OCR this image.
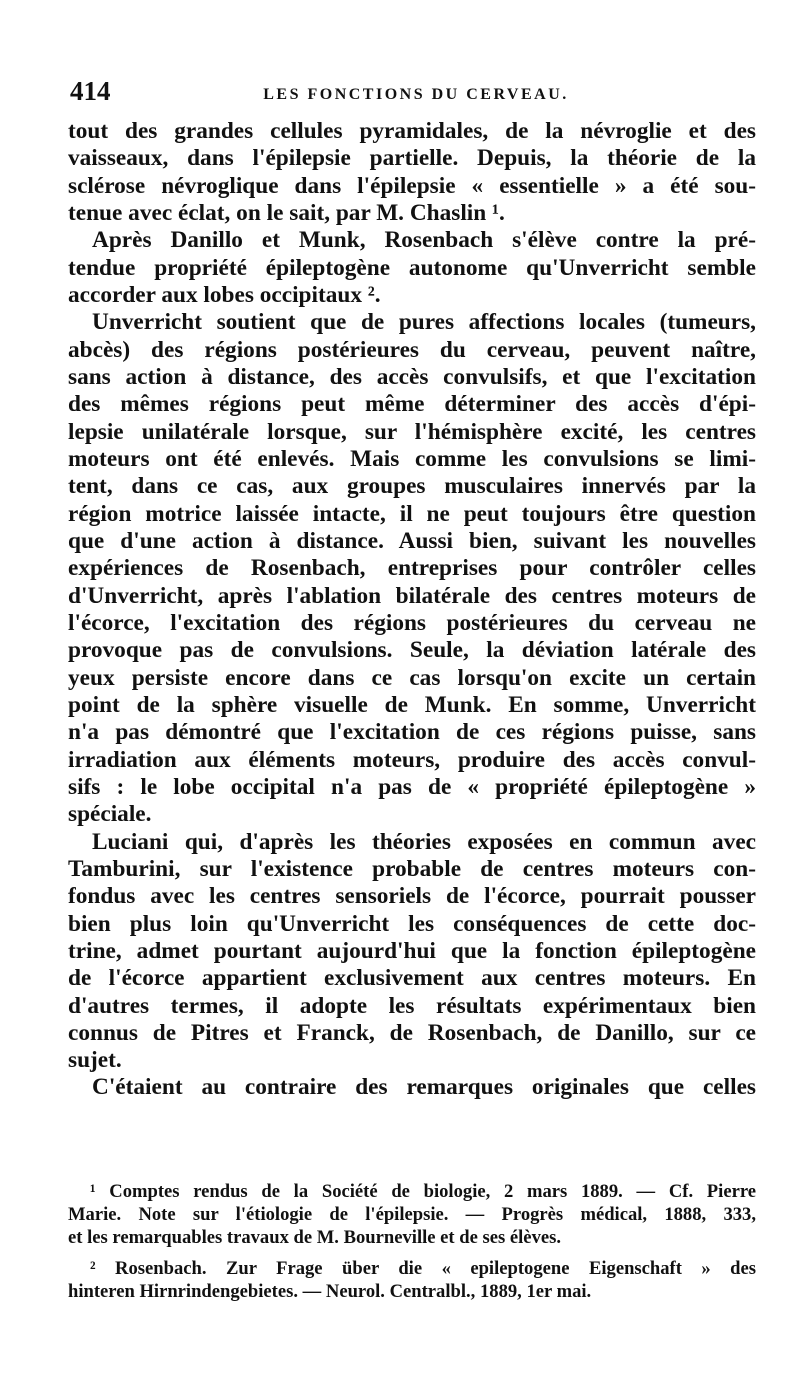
414	LES FONCTIONS DU CERVEAU.
tout des grandes cellules pyramidales, de la névroglie et des
vaisseaux, dans l'épilepsie partielle. Depuis, la théorie de la
sclérose névroglique dans l'épilepsie « essentielle » a été sou-
tenue avec éclat, on le sait, par M. Chaslin ¹.
Après Danillo et Munk, Rosenbach s'élève contre la pré-
tendue propriété épileptogène autonome qu'Unverricht semble
accorder aux lobes occipitaux ².
Unverricht soutient que de pures affections locales (tumeurs,
abcès) des régions postérieures du cerveau, peuvent naître,
sans action à distance, des accès convulsifs, et que l'excitation
des mêmes régions peut même déterminer des accès d'épi-
lepsie unilatérale lorsque, sur l'hémisphère excité, les centres
moteurs ont été enlevés. Mais comme les convulsions se limi-
tent, dans ce cas, aux groupes musculaires innervés par la
région motrice laissée intacte, il ne peut toujours être question
que d'une action à distance. Aussi bien, suivant les nouvelles
expériences de Rosenbach, entreprises pour contrôler celles
d'Unverricht, après l'ablation bilatérale des centres moteurs de
l'écorce, l'excitation des régions postérieures du cerveau ne
provoque pas de convulsions. Seule, la déviation latérale des
yeux persiste encore dans ce cas lorsqu'on excite un certain
point de la sphère visuelle de Munk. En somme, Unverricht
n'a pas démontré que l'excitation de ces régions puisse, sans
irradiation aux éléments moteurs, produire des accès convul-
sifs : le lobe occipital n'a pas de « propriété épileptogène »
spéciale.
Luciani qui, d'après les théories exposées en commun avec
Tamburini, sur l'existence probable de centres moteurs con-
fondus avec les centres sensoriels de l'écorce, pourrait pousser
bien plus loin qu'Unverricht les conséquences de cette doc-
trine, admet pourtant aujourd'hui que la fonction épileptogène
de l'écorce appartient exclusivement aux centres moteurs. En
d'autres termes, il adopte les résultats expérimentaux bien
connus de Pitres et Franck, de Rosenbach, de Danillo, sur ce
sujet.
C'étaient au contraire des remarques originales que celles
¹ Comptes rendus de la Société de biologie, 2 mars 1889. — Cf. Pierre
Marie. Note sur l'étiologie de l'épilepsie. — Progrès médical, 1888, 333,
et les remarquables travaux de M. Bourneville et de ses élèves.
² Rosenbach. Zur Frage über die « epileptogene Eigenschaft » des
hinteren Hirnrindengebietes. — Neurol. Centralbl., 1889, 1er mai.
